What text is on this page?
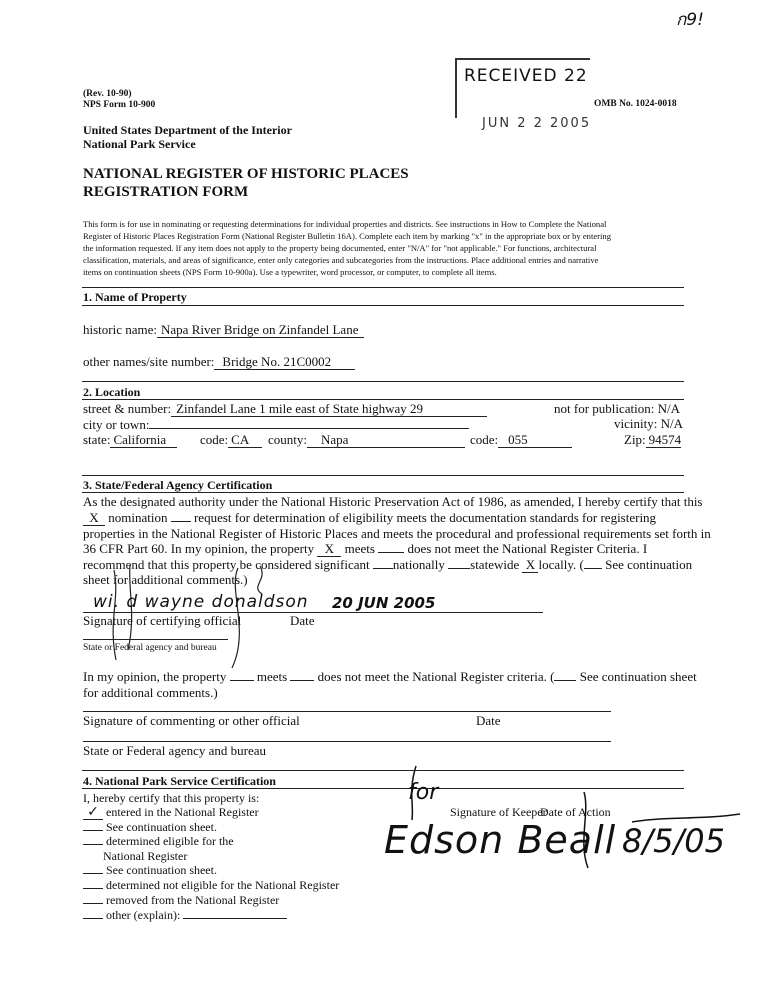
ก9!
(Rev. 10-90)
NPS Form 10-900
RECEIVED 22
JUN 2 2 2005
OMB No. 1024-0018
United States Department of the Interior
National Park Service
NATIONAL REGISTER OF HISTORIC PLACES
REGISTRATION FORM
This form is for use in nominating or requesting determinations for individual properties and districts. See instructions in How to Complete the National
Register of Historic Places Registration Form (National Register Bulletin 16A). Complete each item by marking "x" in the appropriate box or by entering
the information requested. If any item does not apply to the property being documented, enter "N/A" for "not applicable." For functions, architectural
classification, materials, and areas of significance, enter only categories and subcategories from the instructions. Place additional entries and narrative
items on continuation sheets (NPS Form 10-900a). Use a typewriter, word processor, or computer, to complete all items.
1. Name of Property
historic name: Napa River Bridge on Zinfandel Lane
other names/site number: Bridge No. 21C0002
2. Location
street & number: Zinfandel Lane 1 mile east of State highway 29	not for publication: N/A
city or town:	vicinity: N/A
state: California	code: CA	county: Napa	code: 055	Zip: 94574
3. State/Federal Agency Certification
As the designated authority under the National Historic Preservation Act of 1986, as amended, I hereby certify that this
X nomination request for determination of eligibility meets the documentation standards for registering
properties in the National Register of Historic Places and meets the procedural and professional requirements set forth in
36 CFR Part 60. In my opinion, the property X meets	does not meet the National Register Criteria. I
recommend that this property be considered significant nationally statewide X locally. ( See continuation
sheet for additional comments.)
wi. d wayne donaldson 20 JUN 2005
Signature of certifying official	Date
State or Federal agency and bureau
In my opinion, the property meets does not meet the National Register criteria. ( See continuation sheet
for additional comments.)
Signature of commenting or other official	Date
State or Federal agency and bureau
4. National Park Service Certification
I, hereby certify that this property is:
✓ entered in the National Register
See continuation sheet.
determined eligible for the
National Register
See continuation sheet.
determined not eligible for the National Register
removed from the National Register
other (explain):
Signature of Keeper
Date of Action
for
Edson Beall 8/5/05
